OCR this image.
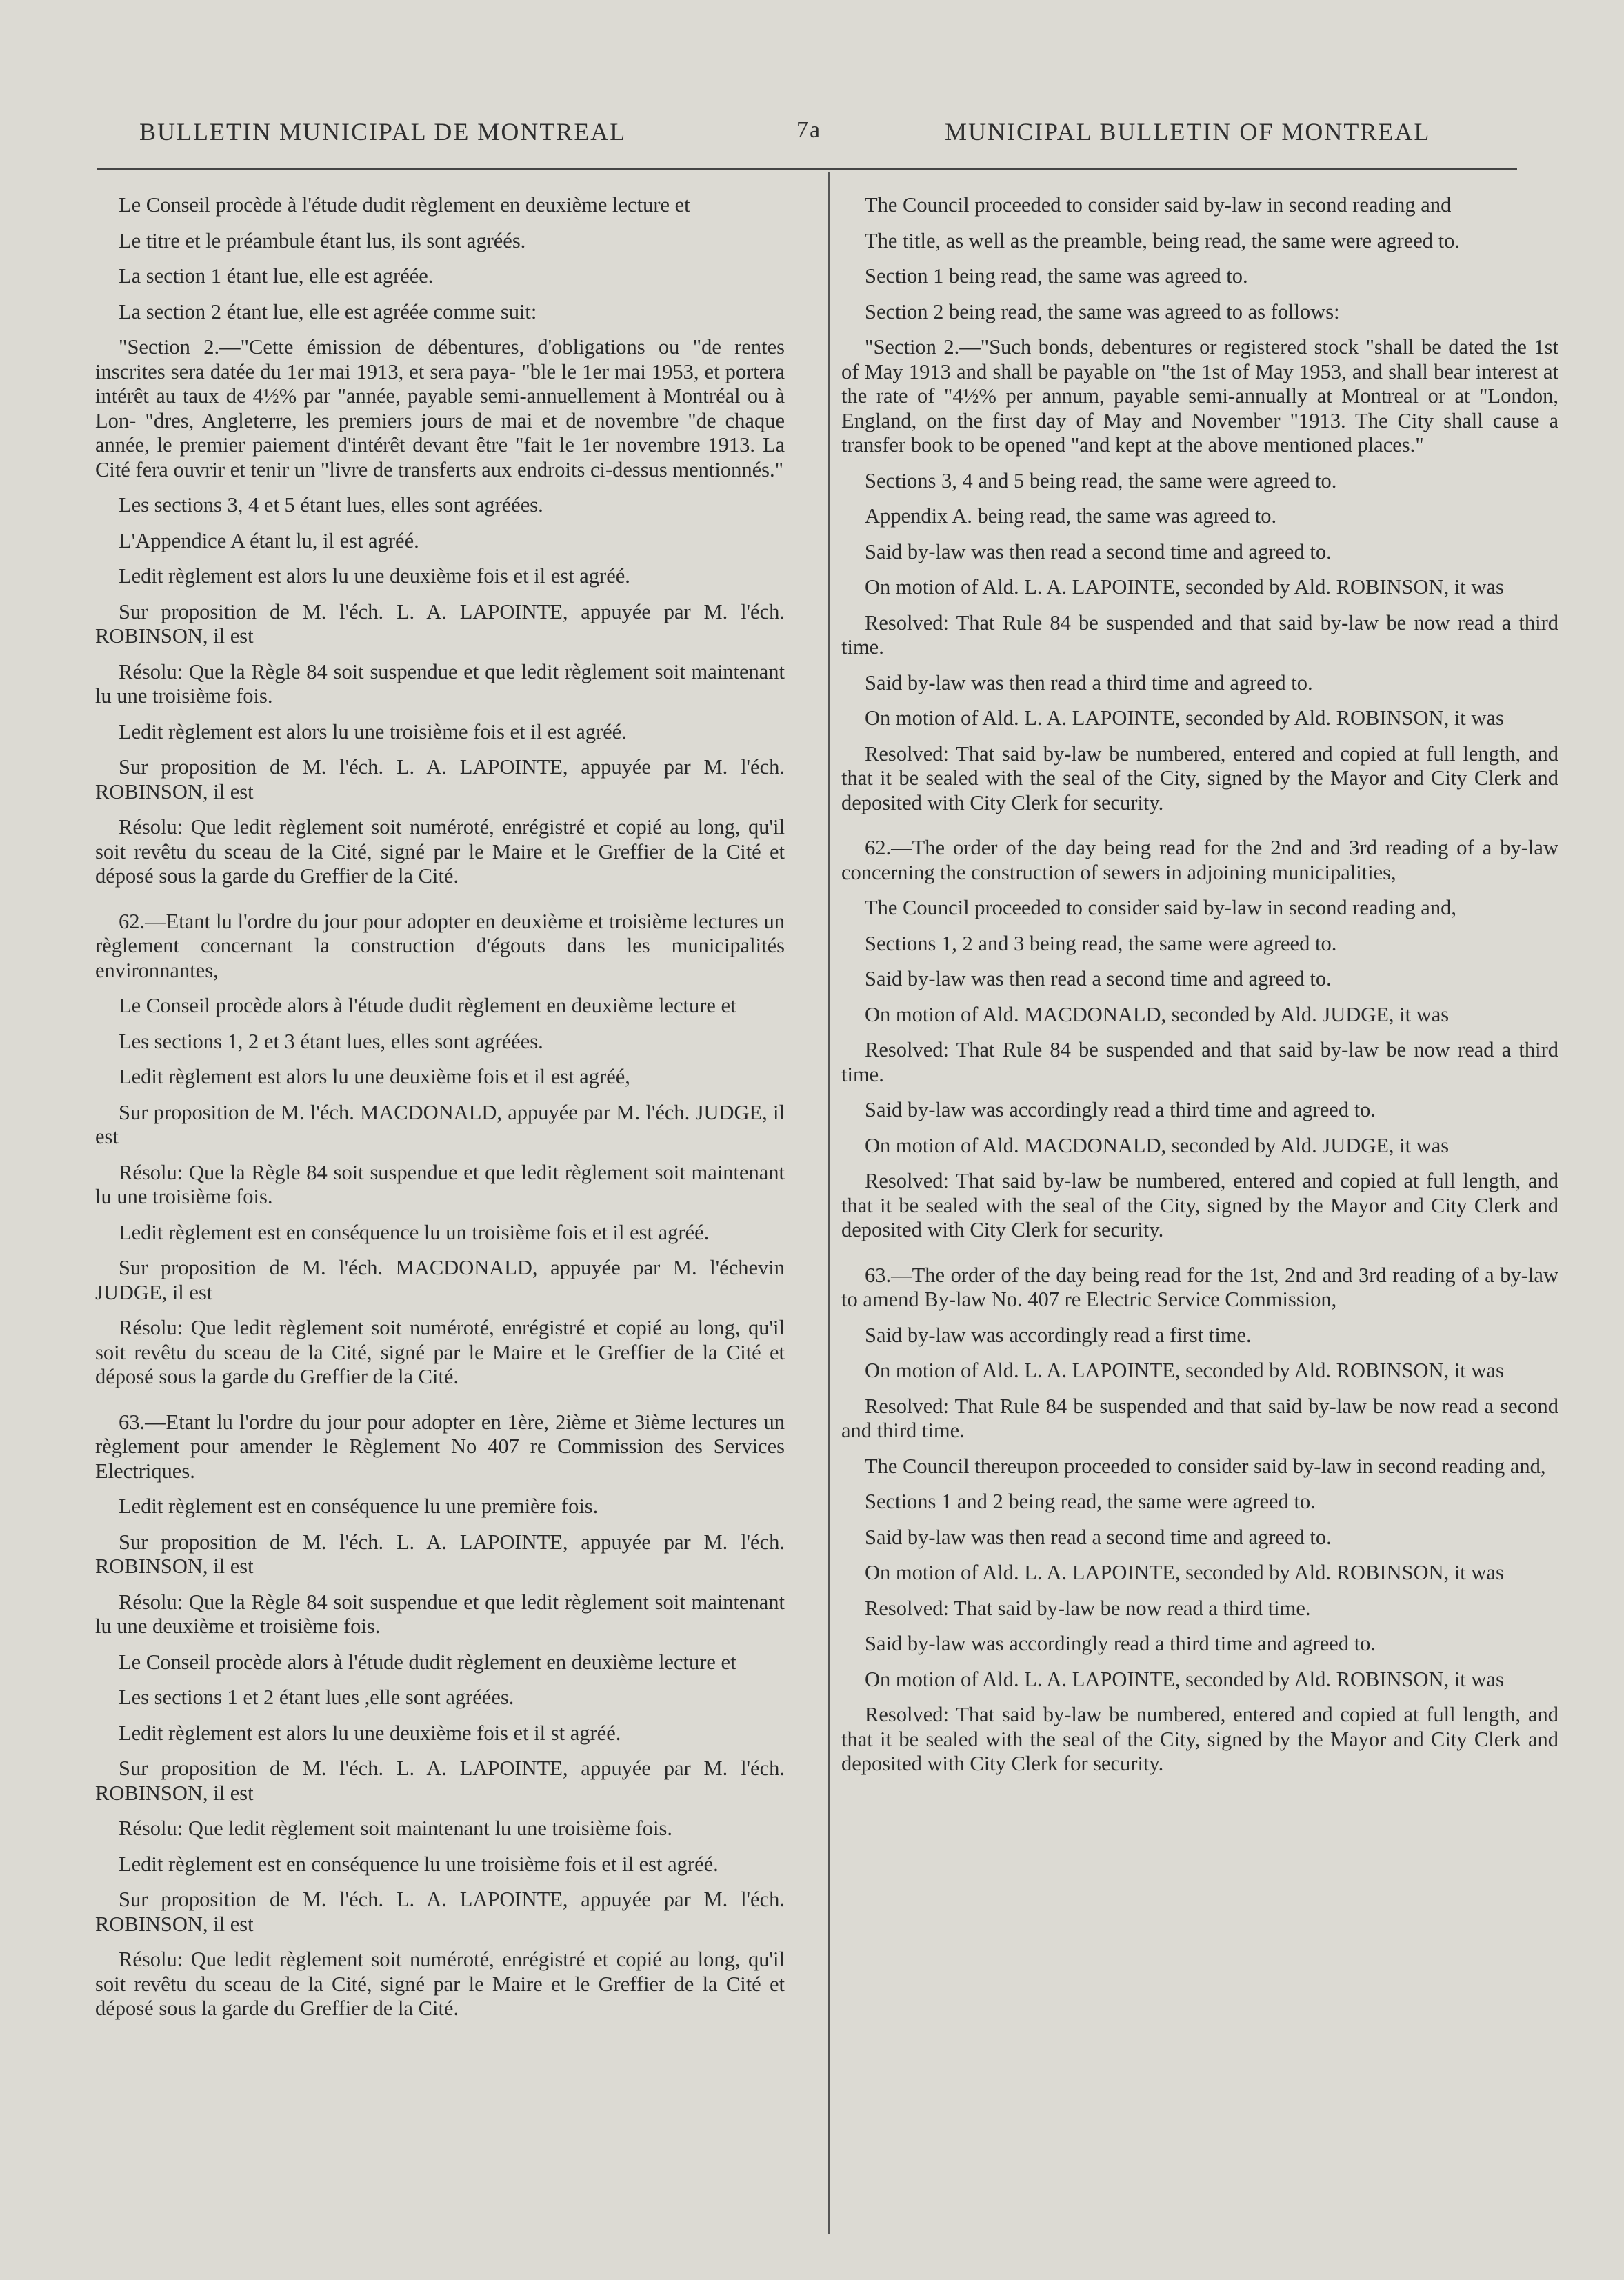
BULLETIN MUNICIPAL DE MONTREAL	7a	MUNICIPAL BULLETIN OF MONTREAL

Le Conseil procède à l'étude dudit règlement en deuxième lecture et

Le titre et le préambule étant lus, ils sont agréés.

La section 1 étant lue, elle est agréée.

La section 2 étant lue, elle est agréée comme suit:

"Section 2.—"Cette émission de débentures, d'obligations ou "de rentes inscrites sera datée du 1er mai 1913, et sera paya- "ble le 1er mai 1953, et portera intérêt au taux de 4½% par "année, payable semi-annuellement à Montréal ou à Lon- "dres, Angleterre, les premiers jours de mai et de novembre "de chaque année, le premier paiement d'intérêt devant être "fait le 1er novembre 1913. La Cité fera ouvrir et tenir un "livre de transferts aux endroits ci-dessus mentionnés."

Les sections 3, 4 et 5 étant lues, elles sont agréées.

L'Appendice A étant lu, il est agréé.

Ledit règlement est alors lu une deuxième fois et il est agréé.

Sur proposition de M. l'éch. L. A. LAPOINTE, appuyée par M. l'éch. ROBINSON, il est

Résolu: Que la Règle 84 soit suspendue et que ledit règlement soit maintenant lu une troisième fois.

Ledit règlement est alors lu une troisième fois et il est agréé.

Sur proposition de M. l'éch. L. A. LAPOINTE, appuyée par M. l'éch. ROBINSON, il est

Résolu: Que ledit règlement soit numéroté, enrégistré et copié au long, qu'il soit revêtu du sceau de la Cité, signé par le Maire et le Greffier de la Cité et déposé sous la garde du Greffier de la Cité.

62.—Etant lu l'ordre du jour pour adopter en deuxième et troisième lectures un règlement concernant la construction d'égouts dans les municipalités environnantes,

Le Conseil procède alors à l'étude dudit règlement en deuxième lecture et

Les sections 1, 2 et 3 étant lues, elles sont agréées.

Ledit règlement est alors lu une deuxième fois et il est agréé,

Sur proposition de M. l'éch. MACDONALD, appuyée par M. l'éch. JUDGE, il est

Résolu: Que la Règle 84 soit suspendue et que ledit règlement soit maintenant lu une troisième fois.

Ledit règlement est en conséquence lu un troisième fois et il est agréé.

Sur proposition de M. l'éch. MACDONALD, appuyée par M. l'échevin JUDGE, il est

Résolu: Que ledit règlement soit numéroté, enrégistré et copié au long, qu'il soit revêtu du sceau de la Cité, signé par le Maire et le Greffier de la Cité et déposé sous la garde du Greffier de la Cité.

63.—Etant lu l'ordre du jour pour adopter en 1ère, 2ième et 3ième lectures un règlement pour amender le Règlement No 407 re Commission des Services Electriques.

Ledit règlement est en conséquence lu une première fois.

Sur proposition de M. l'éch. L. A. LAPOINTE, appuyée par M. l'éch. ROBINSON, il est

Résolu: Que la Règle 84 soit suspendue et que ledit règlement soit maintenant lu une deuxième et troisième fois.

Le Conseil procède alors à l'étude dudit règlement en deuxième lecture et

Les sections 1 et 2 étant lues ,elle sont agréées.

Ledit règlement est alors lu une deuxième fois et il st agréé.

Sur proposition de M. l'éch. L. A. LAPOINTE, appuyée par M. l'éch. ROBINSON, il est

Résolu: Que ledit règlement soit maintenant lu une troisième fois.

Ledit règlement est en conséquence lu une troisième fois et il est agréé.

Sur proposition de M. l'éch. L. A. LAPOINTE, appuyée par M. l'éch. ROBINSON, il est

Résolu: Que ledit règlement soit numéroté, enrégistré et copié au long, qu'il soit revêtu du sceau de la Cité, signé par le Maire et le Greffier de la Cité et déposé sous la garde du Greffier de la Cité.

The Council proceeded to consider said by-law in second reading and

The title, as well as the preamble, being read, the same were agreed to.

Section 1 being read, the same was agreed to.

Section 2 being read, the same was agreed to as follows:

"Section 2.—"Such bonds, debentures or registered stock "shall be dated the 1st of May 1913 and shall be payable on "the 1st of May 1953, and shall bear interest at the rate of "4½% per annum, payable semi-annually at Montreal or at "London, England, on the first day of May and November "1913. The City shall cause a transfer book to be opened "and kept at the above mentioned places."

Sections 3, 4 and 5 being read, the same were agreed to.

Appendix A. being read, the same was agreed to.

Said by-law was then read a second time and agreed to.

On motion of Ald. L. A. LAPOINTE, seconded by Ald. ROBINSON, it was

Resolved: That Rule 84 be suspended and that said by-law be now read a third time.

Said by-law was then read a third time and agreed to.

On motion of Ald. L. A. LAPOINTE, seconded by Ald. ROBINSON, it was

Resolved: That said by-law be numbered, entered and copied at full length, and that it be sealed with the seal of the City, signed by the Mayor and City Clerk and deposited with City Clerk for security.

62.—The order of the day being read for the 2nd and 3rd reading of a by-law concerning the construction of sewers in adjoining municipalities,

The Council proceeded to consider said by-law in second reading and,

Sections 1, 2 and 3 being read, the same were agreed to.

Said by-law was then read a second time and agreed to.

On motion of Ald. MACDONALD, seconded by Ald. JUDGE, it was

Resolved: That Rule 84 be suspended and that said by-law be now read a third time.

Said by-law was accordingly read a third time and agreed to.

On motion of Ald. MACDONALD, seconded by Ald. JUDGE, it was

Resolved: That said by-law be numbered, entered and copied at full length, and that it be sealed with the seal of the City, signed by the Mayor and City Clerk and deposited with City Clerk for security.

63.—The order of the day being read for the 1st, 2nd and 3rd reading of a by-law to amend By-law No. 407 re Electric Service Commission,

Said by-law was accordingly read a first time.

On motion of Ald. L. A. LAPOINTE, seconded by Ald. ROBINSON, it was

Resolved: That Rule 84 be suspended and that said by-law be now read a second and third time.

The Council thereupon proceeded to consider said by-law in second reading and,

Sections 1 and 2 being read, the same were agreed to.

Said by-law was then read a second time and agreed to.

On motion of Ald. L. A. LAPOINTE, seconded by Ald. ROBINSON, it was

Resolved: That said by-law be now read a third time.

Said by-law was accordingly read a third time and agreed to.

On motion of Ald. L. A. LAPOINTE, seconded by Ald. ROBINSON, it was

Resolved: That said by-law be numbered, entered and copied at full length, and that it be sealed with the seal of the City, signed by the Mayor and City Clerk and deposited with City Clerk for security.
